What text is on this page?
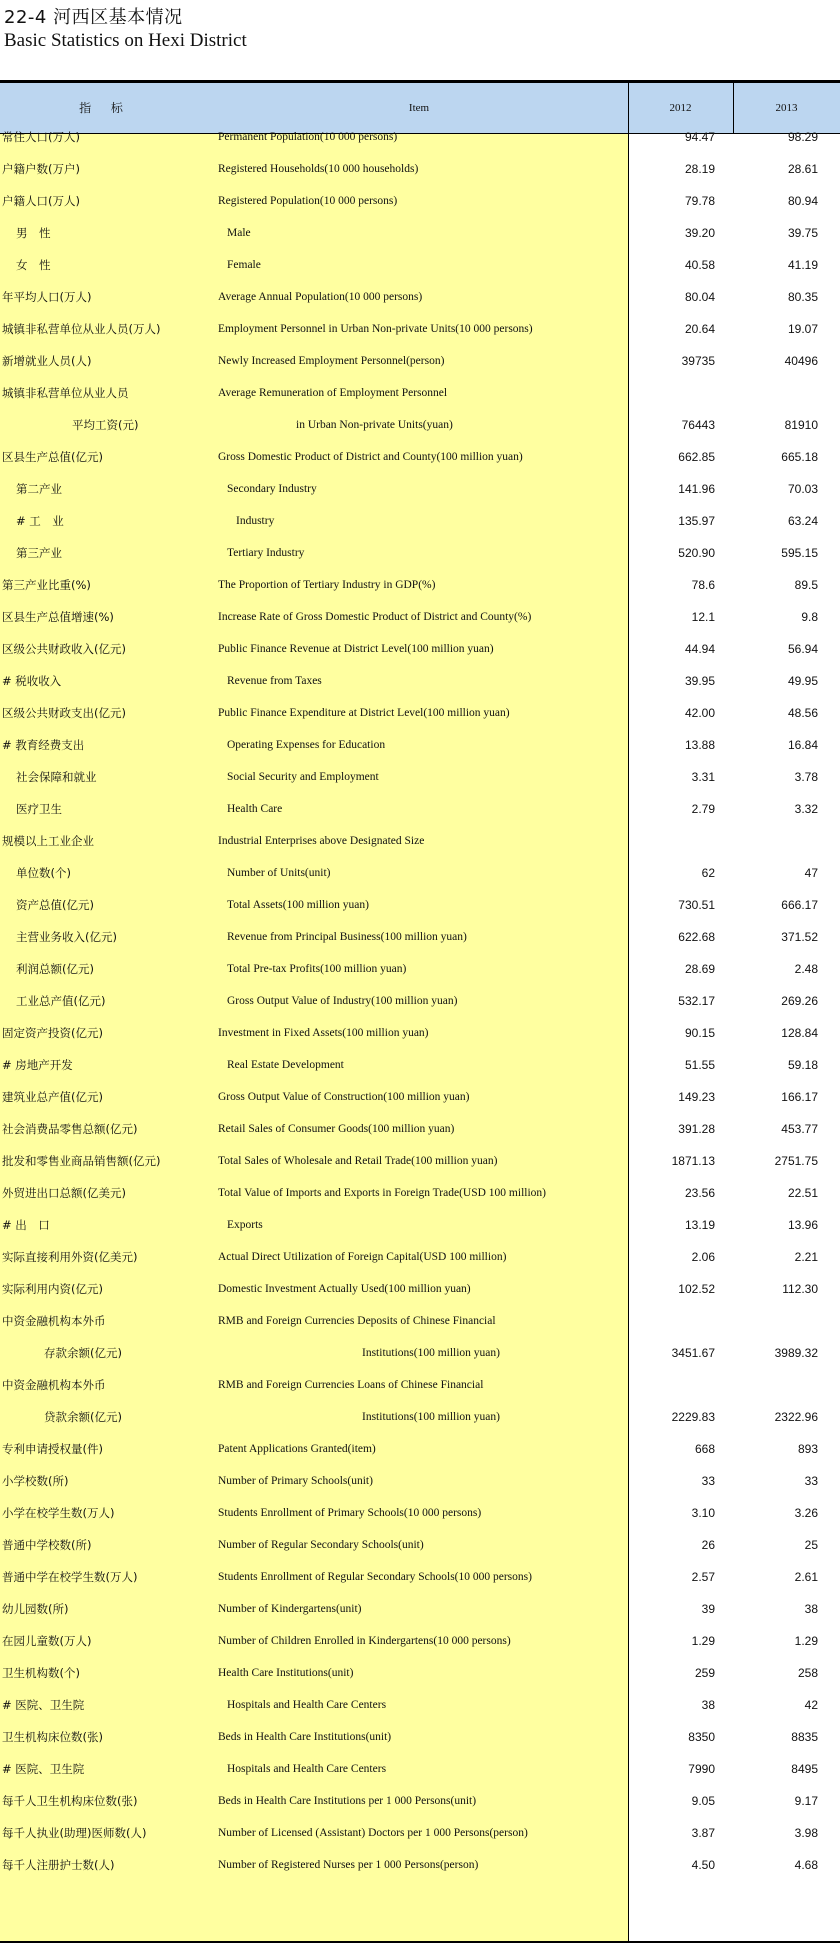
22-4 河西区基本情况
Basic Statistics on Hexi District
指 标	Item	2012	2013
常住人口(万人)	Permanent Population(10 000 persons)	94.47	98.29
户籍户数(万户)	Registered Households(10 000 households)	28.19	28.61
户籍人口(万人)	Registered Population(10 000 persons)	79.78	80.94
男　性	Male	39.20	39.75
女　性	Female	40.58	41.19
年平均人口(万人)	Average Annual Population(10 000 persons)	80.04	80.35
城镇非私营单位从业人员(万人)	Employment Personnel in Urban Non-private Units(10 000 persons)	20.64	19.07
新增就业人员(人)	Newly Increased Employment Personnel(person)	39735	40496
城镇非私营单位从业人员	Average Remuneration of Employment Personnel
平均工资(元)	in Urban Non-private Units(yuan)	76443	81910
区县生产总值(亿元)	Gross Domestic Product of District and County(100 million yuan)	662.85	665.18
第二产业	Secondary Industry	141.96	70.03
# 工　业	Industry	135.97	63.24
第三产业	Tertiary Industry	520.90	595.15
第三产业比重(%)	The Proportion of Tertiary Industry in GDP(%)	78.6	89.5
区县生产总值增速(%)	Increase Rate of Gross Domestic Product of District and County(%)	12.1	9.8
区级公共财政收入(亿元)	Public Finance Revenue at District Level(100 million yuan)	44.94	56.94
# 税收收入	Revenue from Taxes	39.95	49.95
区级公共财政支出(亿元)	Public Finance Expenditure at District Level(100 million yuan)	42.00	48.56
# 教育经费支出	Operating Expenses for Education	13.88	16.84
社会保障和就业	Social Security and Employment	3.31	3.78
医疗卫生	Health Care	2.79	3.32
规模以上工业企业	Industrial Enterprises above Designated Size
单位数(个)	Number of Units(unit)	62	47
资产总值(亿元)	Total Assets(100 million yuan)	730.51	666.17
主营业务收入(亿元)	Revenue from Principal Business(100 million yuan)	622.68	371.52
利润总额(亿元)	Total Pre-tax Profits(100 million yuan)	28.69	2.48
工业总产值(亿元)	Gross Output Value of Industry(100 million yuan)	532.17	269.26
固定资产投资(亿元)	Investment in Fixed Assets(100 million yuan)	90.15	128.84
# 房地产开发	Real Estate Development	51.55	59.18
建筑业总产值(亿元)	Gross Output Value of Construction(100 million yuan)	149.23	166.17
社会消费品零售总额(亿元)	Retail Sales of Consumer Goods(100 million yuan)	391.28	453.77
批发和零售业商品销售额(亿元)	Total Sales of Wholesale and Retail Trade(100 million yuan)	1871.13	2751.75
外贸进出口总额(亿美元)	Total Value of Imports and Exports in Foreign Trade(USD 100 million)	23.56	22.51
# 出　口	Exports	13.19	13.96
实际直接利用外资(亿美元)	Actual Direct Utilization of Foreign Capital(USD 100 million)	2.06	2.21
实际利用内资(亿元)	Domestic Investment Actually Used(100 million yuan)	102.52	112.30
中资金融机构本外币	RMB and Foreign Currencies Deposits of Chinese Financial
存款余额(亿元)	Institutions(100 million yuan)	3451.67	3989.32
中资金融机构本外币	RMB and Foreign Currencies Loans of Chinese Financial
贷款余额(亿元)	Institutions(100 million yuan)	2229.83	2322.96
专利申请授权量(件)	Patent Applications Granted(item)	668	893
小学校数(所)	Number of Primary Schools(unit)	33	33
小学在校学生数(万人)	Students Enrollment of Primary Schools(10 000 persons)	3.10	3.26
普通中学校数(所)	Number of Regular Secondary Schools(unit)	26	25
普通中学在校学生数(万人)	Students Enrollment of Regular Secondary Schools(10 000 persons)	2.57	2.61
幼儿园数(所)	Number of Kindergartens(unit)	39	38
在园儿童数(万人)	Number of Children Enrolled in Kindergartens(10 000 persons)	1.29	1.29
卫生机构数(个)	Health Care Institutions(unit)	259	258
# 医院、卫生院	Hospitals and Health Care Centers	38	42
卫生机构床位数(张)	Beds in Health Care Institutions(unit)	8350	8835
# 医院、卫生院	Hospitals and Health Care Centers	7990	8495
每千人卫生机构床位数(张)	Beds in Health Care Institutions per 1 000 Persons(unit)	9.05	9.17
每千人执业(助理)医师数(人)	Number of Licensed (Assistant) Doctors per 1 000 Persons(person)	3.87	3.98
每千人注册护士数(人)	Number of Registered Nurses per 1 000 Persons(person)	4.50	4.68
